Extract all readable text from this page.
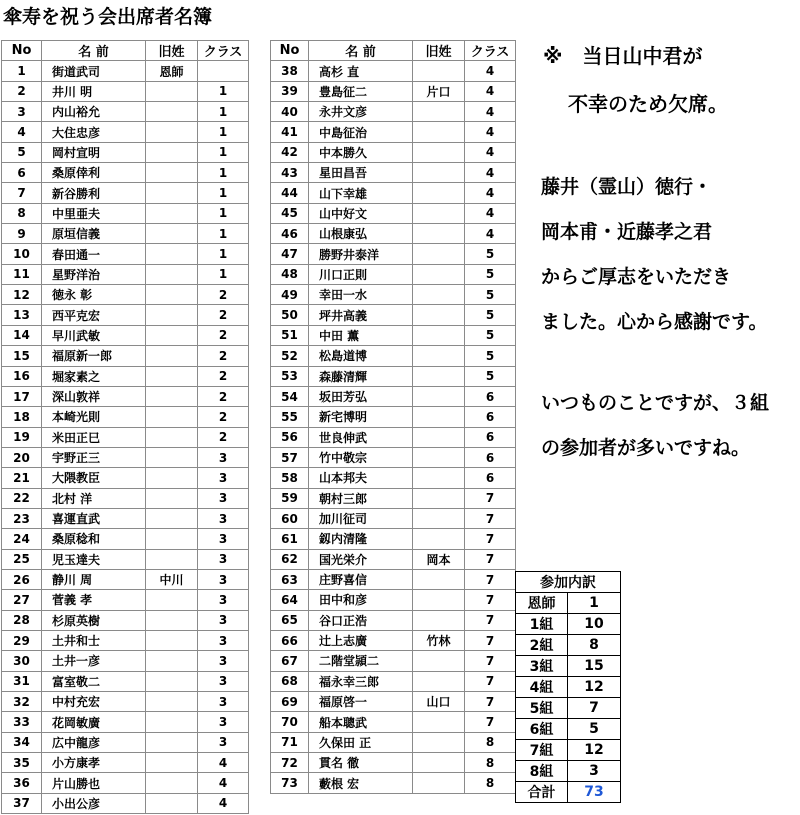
傘寿を祝う会出席者名簿
No	名 前	旧姓	クラス
1	街道武司	恩師	
2	井川 明		1
3	内山裕允		1
4	大住忠彦		1
5	岡村宣明		1
6	桑原倖利		1
7	新谷勝利		1
8	中里亜夫		1
9	原垣信義		1
10	春田通一		1
11	星野洋治		1
12	徳永 彰		2
13	西平克宏		2
14	早川武敏		2
15	福原新一郎		2
16	堀家素之		2
17	深山敦祥		2
18	本崎光則		2
19	米田正巳		2
20	宇野正三		3
21	大隈教臣		3
22	北村 洋		3
23	喜運直武		3
24	桑原稔和		3
25	児玉達夫		3
26	静川 周	中川	3
27	菅義 孝		3
28	杉原英樹		3
29	土井和士		3
30	土井一彦		3
31	富室敬二		3
32	中村充宏		3
33	花岡敏廣		3
34	広中龍彦		3
35	小方康孝		4
36	片山勝也		4
37	小出公彦		4
No	名 前	旧姓	クラス
38	高杉 直		4
39	豊島征二	片口	4
40	永井文彦		4
41	中島征治		4
42	中本勝久		4
43	星田昌吾		4
44	山下幸雄		4
45	山中好文		4
46	山根康弘		4
47	勝野井泰洋		5
48	川口正則		5
49	幸田一水		5
50	坪井高義		5
51	中田 薫		5
52	松島道博		5
53	森藤清輝		5
54	坂田芳弘		6
55	新宅博明		6
56	世良伸武		6
57	竹中敬宗		6
58	山本邦夫		6
59	朝村三郎		7
60	加川征司		7
61	釼内清隆		7
62	国光栄介	岡本	7
63	庄野喜信		7
64	田中和彦		7
65	谷口正浩		7
66	辻上志廣	竹林	7
67	二階堂頴二		7
68	福永幸三郎		7
69	福原啓一	山口	7
70	船本聰武		7
71	久保田 正		8
72	貫名 徹		8
73	藪根 宏		8
※　当日山中君が
不幸のため欠席。
藤井（霊山）徳行・
岡本甫・近藤孝之君
からご厚志をいただき
ました。心から感謝です。
いつものことですが、３組
の参加者が多いですね。
参加内訳	
恩師	1
1組	10
2組	8
3組	15
4組	12
5組	7
6組	5
7組	12
8組	3
合計	73
